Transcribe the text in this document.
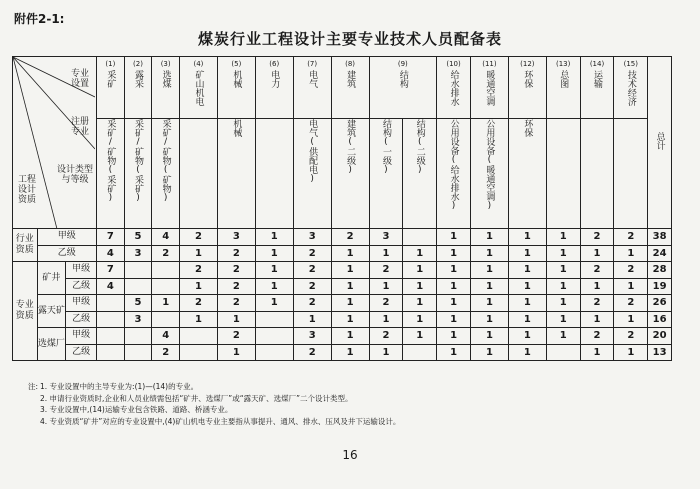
附件2-1:
煤炭行业工程设计主要专业技术人员配备表
专业设置
注册专业
设计类型与等级
工程设计资质			(1)
采矿	(2)
露采	(3)
选煤	(4)
矿山机电	(5)
机械	(6)
电力	(7)
电气	(8)
建筑	(9)
结构		(10)
给水排水	(11)
暖通空调	(12)
环保	(13)
总图	(14)
运输	(15)
技术经济	总计
			采矿/矿物(采矿)	采矿/矿物(采矿)	采矿/矿物(矿物)		机械		电气(供配电)	建筑(二级)	结构(一级)	结构(二级)	公用设备(给水排水)	公用设备(暖通空调)	环保				
行业资质	甲级		7	5	4	2	3	1	3	2	3		1	1	1	1	2	2	38
	乙级		4	3	2	1	2	1	2	1	1	1	1	1	1	1	1	1	24
专业资质	矿井	甲级	7			2	2	1	2	1	2	1	1	1	1	1	2	2	28
		乙级	4			1	2	1	2	1	1	1	1	1	1	1	1	1	19
	露天矿	甲级		5	1	2	2	1	2	1	2	1	1	1	1	1	2	2	26
		乙级		3		1	1		1	1	1	1	1	1	1	1	1	1	16
	选煤厂	甲级			4		2		3	1	2	1	1	1	1	1	2	2	20
		乙级			2		1		2	1	1		1	1	1		1	1	13
注: 1. 专业设置中的主导专业为:(1)—(14)的专业。
2. 申请行业资质时,企业和人员业绩需包括“矿井、选煤厂”或“露天矿、选煤厂”二个设计类型。
3. 专业设置中,(14)运输专业包含铁路、道路、桥涵专业。
4. 专业资质“矿井”对应的专业设置中,(4)矿山机电专业主要指从事提升、通风、排水、压风及井下运输设计。
16
